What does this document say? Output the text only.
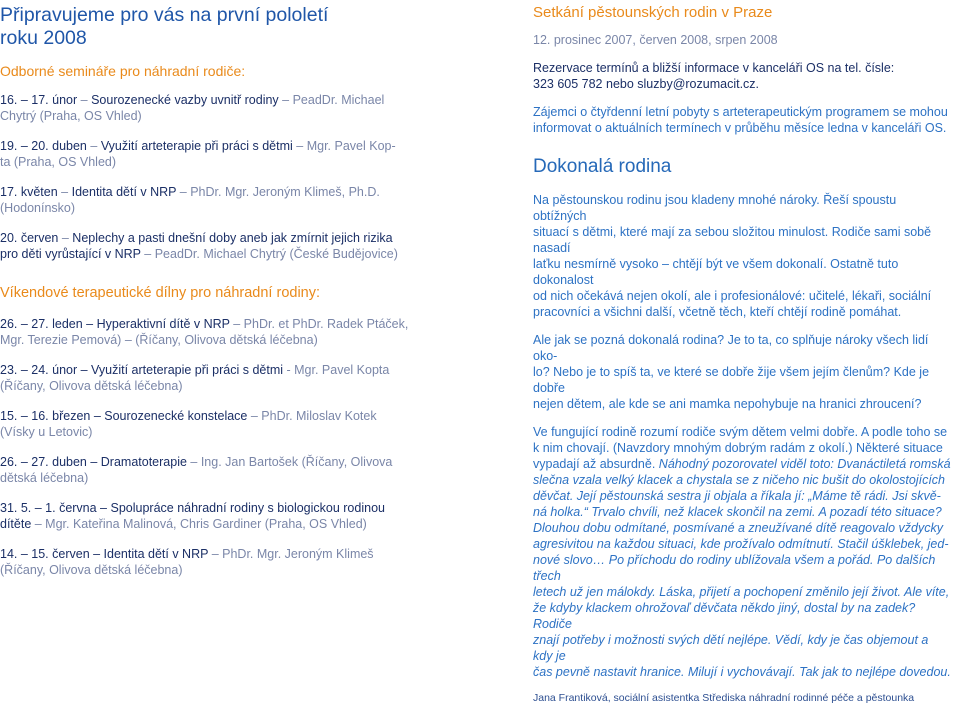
Připravujeme pro vás na první pololetí
roku 2008
Odborné semináře pro náhradní rodiče:
16. – 17. únor – Sourozenecké vazby uvnitř rodiny – PeadDr. Michael
Chytrý (Praha, OS Vhled)
19. – 20. duben – Využití arteterapie při práci s dětmi – Mgr. Pavel Kop-
ta (Praha, OS Vhled)
17. květen – Identita dětí v NRP – PhDr. Mgr. Jeroným Klimeš, Ph.D.
(Hodonínsko)
20. červen – Neplechy a pasti dnešní doby aneb jak zmírnit jejich rizika
pro děti vyrůstající v NRP – PeadDr. Michael Chytrý (České Budějovice)
Víkendové terapeutické dílny pro náhradní rodiny:
26. – 27. leden – Hyperaktivní dítě v NRP – PhDr. et PhDr. Radek Ptáček,
Mgr. Terezie Pemová) – (Říčany, Olivova dětská léčebna)
23. – 24. únor – Využití arteterapie při práci s dětmi - Mgr. Pavel Kopta
(Říčany, Olivova dětská léčebna)
15. – 16. březen – Sourozenecké konstelace – PhDr. Miloslav Kotek
(Vísky u Letovic)
26. – 27. duben – Dramatoterapie – Ing. Jan Bartošek (Říčany, Olivova
dětská léčebna)
31. 5. – 1. června – Spolupráce náhradní rodiny s biologickou rodinou
dítěte – Mgr. Kateřina Malinová, Chris Gardiner (Praha, OS Vhled)
14. – 15. červen – Identita dětí v NRP – PhDr. Mgr. Jeroným Klimeš
(Říčany, Olivova dětská léčebna)
Setkání pěstounských rodin v Praze
12. prosinec 2007, červen 2008, srpen 2008
Rezervace termínů a bližší informace v kanceláři OS na tel. čísle:
323 605 782 nebo sluzby@rozumacit.cz.
Zájemci o čtyřdenní letní pobyty s arteterapeutickým programem se mohou
informovat o aktuálních termínech v průběhu měsíce ledna v kanceláři OS.
Dokonalá rodina
Na pěstounskou rodinu jsou kladeny mnohé nároky. Řeší spoustu obtížných
situací s dětmi, které mají za sebou složitou minulost. Rodiče sami sobě nasadí
laťku nesmírně vysoko – chtějí být ve všem dokonalí. Ostatně tuto dokonalost
od nich očekává nejen okolí, ale i profesionálové: učitelé, lékaři, sociální
pracovníci a všichni další, včetně těch, kteří chtějí rodině pomáhat.
Ale jak se pozná dokonalá rodina? Je to ta, co splňuje nároky všech lidí oko-
lo? Nebo je to spíš ta, ve které se dobře žije všem jejím členům? Kde je dobře
nejen dětem, ale kde se ani mamka nepohybuje na hranici zhroucení?
Ve fungující rodině rozumí rodiče svým dětem velmi dobře. A podle toho se
k nim chovají. (Navzdory mnohým dobrým radám z okolí.) Některé situace
vypadají až absurdně. Náhodný pozorovatel viděl toto: Dvanáctiletá romská
slečna vzala velký klacek a chystala se z ničeho nic bušit do okolostojících
děvčat. Její pěstounská sestra ji objala a říkala jí: „Máme tě rádi. Jsi skvě-
ná holka.“ Trvalo chvíli, než klacek skončil na zemi. A pozadí této situace?
Dlouhou dobu odmítané, posmívané a zneužívané dítě reagovalo vždycky
agresivitou na každou situaci, kde prožívalo odmítnutí. Stačil úšklebek, jed-
nové slovo… Po příchodu do rodiny ublížovala všem a pořád. Po dalších třech
letech už jen málokdy. Láska, přijetí a pochopení změnilo její život. Ale víte,
že kdyby klackem ohrožovaľ děvčata někdo jiný, dostal by na zadek? Rodiče
znají potřeby i možnosti svých dětí nejlépe. Vědí, kdy je čas objemout a kdy je
čas pevně nastavit hranice. Milují i vychovávají. Tak jak to nejlépe dovedou.
Jana Frantiková, sociální asistentka Střediska náhradní rodinné péče a pěstounka
